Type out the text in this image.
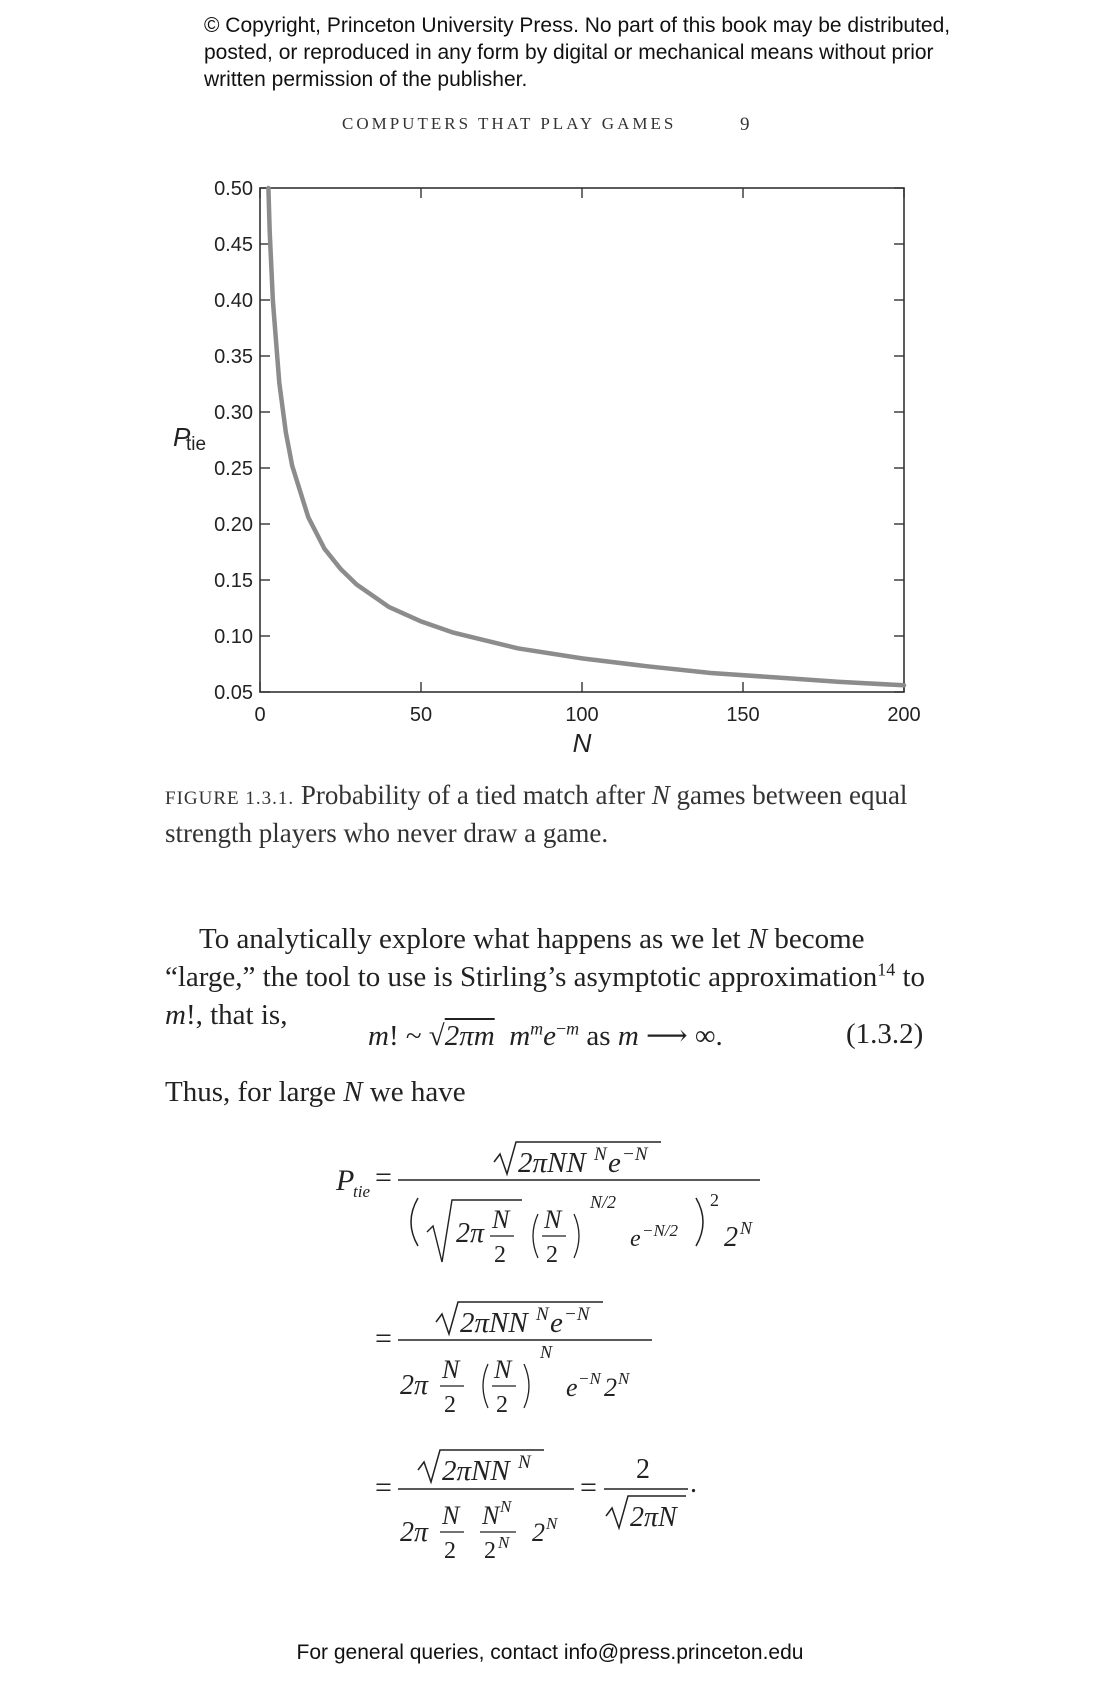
© Copyright, Princeton University Press. No part of this book may be distributed, posted, or reproduced in any form by digital or mechanical means without prior written permission of the publisher.
COMPUTERS THAT PLAY GAMES	9
0	50	100	150	200
0.50
0.45
0.40
0.35
0.30
0.25
0.20
0.15
0.10
0.05
P
tie
N
FIGURE 1.3.1. Probability of a tied match after N games between equal strength players who never draw a game.
To analytically explore what happens as we let N become “large,” the tool to use is Stirling’s asymptotic approximation$^{14}$ to m!, that is,
m! ~ √2πm $m^me^{-m}$ as m ⟶ ∞.	(1.3.2)
Thus, for large N we have
P
tie =	2πNN N e −N
2π N
2
N
2
N/2
e −N/2
2
2 N
= 2πNN N e −N
2π
N
2
N
2
N
e −N 2 N
= 2πNN N
2π
N
2
N N
2 N 2 N
=
2
2πN
.
For general queries, contact info@press.princeton.edu
